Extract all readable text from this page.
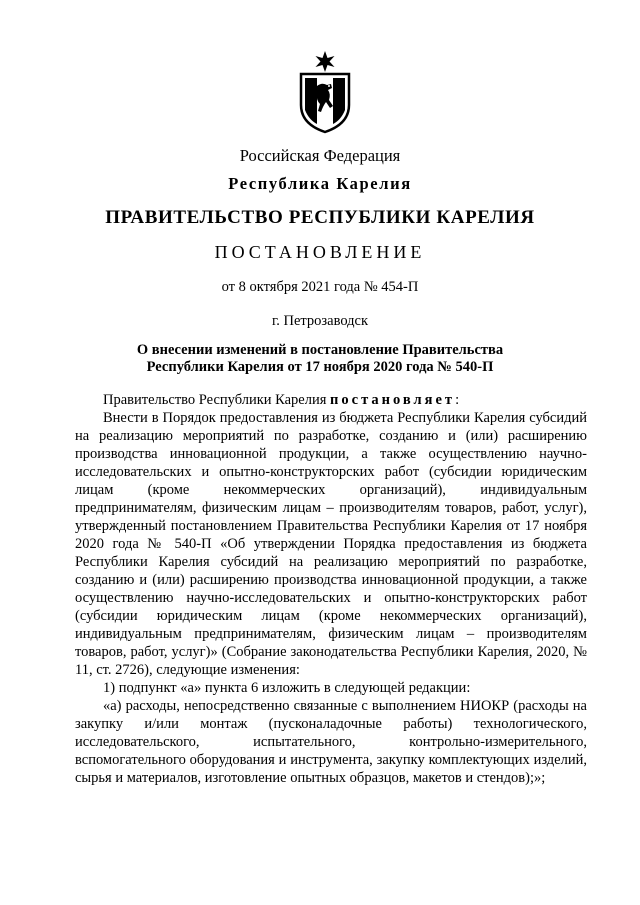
Российская Федерация
Республика Карелия
ПРАВИТЕЛЬСТВО РЕСПУБЛИКИ КАРЕЛИЯ
ПОСТАНОВЛЕНИЕ
от 8 октября 2021 года № 454-П
г. Петрозаводск
О внесении изменений в постановление Правительства
Республики Карелия от 17 ноября 2020 года № 540-П

Правительство Республики Карелия постановляет:

Внести в Порядок предоставления из бюджета Республики Карелия субсидий на реализацию мероприятий по разработке, созданию и (или) расширению производства инновационной продукции, а также осуществлению научно-исследовательских и опытно-конструкторских работ (субсидии юридическим лицам (кроме некоммерческих организаций), индивидуальным предпринимателям, физическим лицам – производителям товаров, работ, услуг), утвержденный постановлением Правительства Республики Карелия от 17 ноября 2020 года № 540-П «Об утверждении Порядка предоставления из бюджета Республики Карелия субсидий на реализацию мероприятий по разработке, созданию и (или) расширению производства инновационной продукции, а также осуществлению научно-исследовательских и опытно-конструкторских работ (субсидии юридическим лицам (кроме некоммерческих организаций), индивидуальным предпринимателям, физическим лицам – производителям товаров, работ, услуг)» (Собрание законодательства Республики Карелия, 2020, № 11, ст. 2726), следующие изменения:

1) подпункт «а» пункта 6 изложить в следующей редакции:

«а) расходы, непосредственно связанные с выполнением НИОКР (расходы на закупку и/или монтаж (пусконаладочные работы) технологического, исследовательского, испытательного, контрольно-измерительного, вспомогательного оборудования и инструмента, закупку комплектующих изделий, сырья и материалов, изготовление опытных образцов, макетов и стендов);»;
